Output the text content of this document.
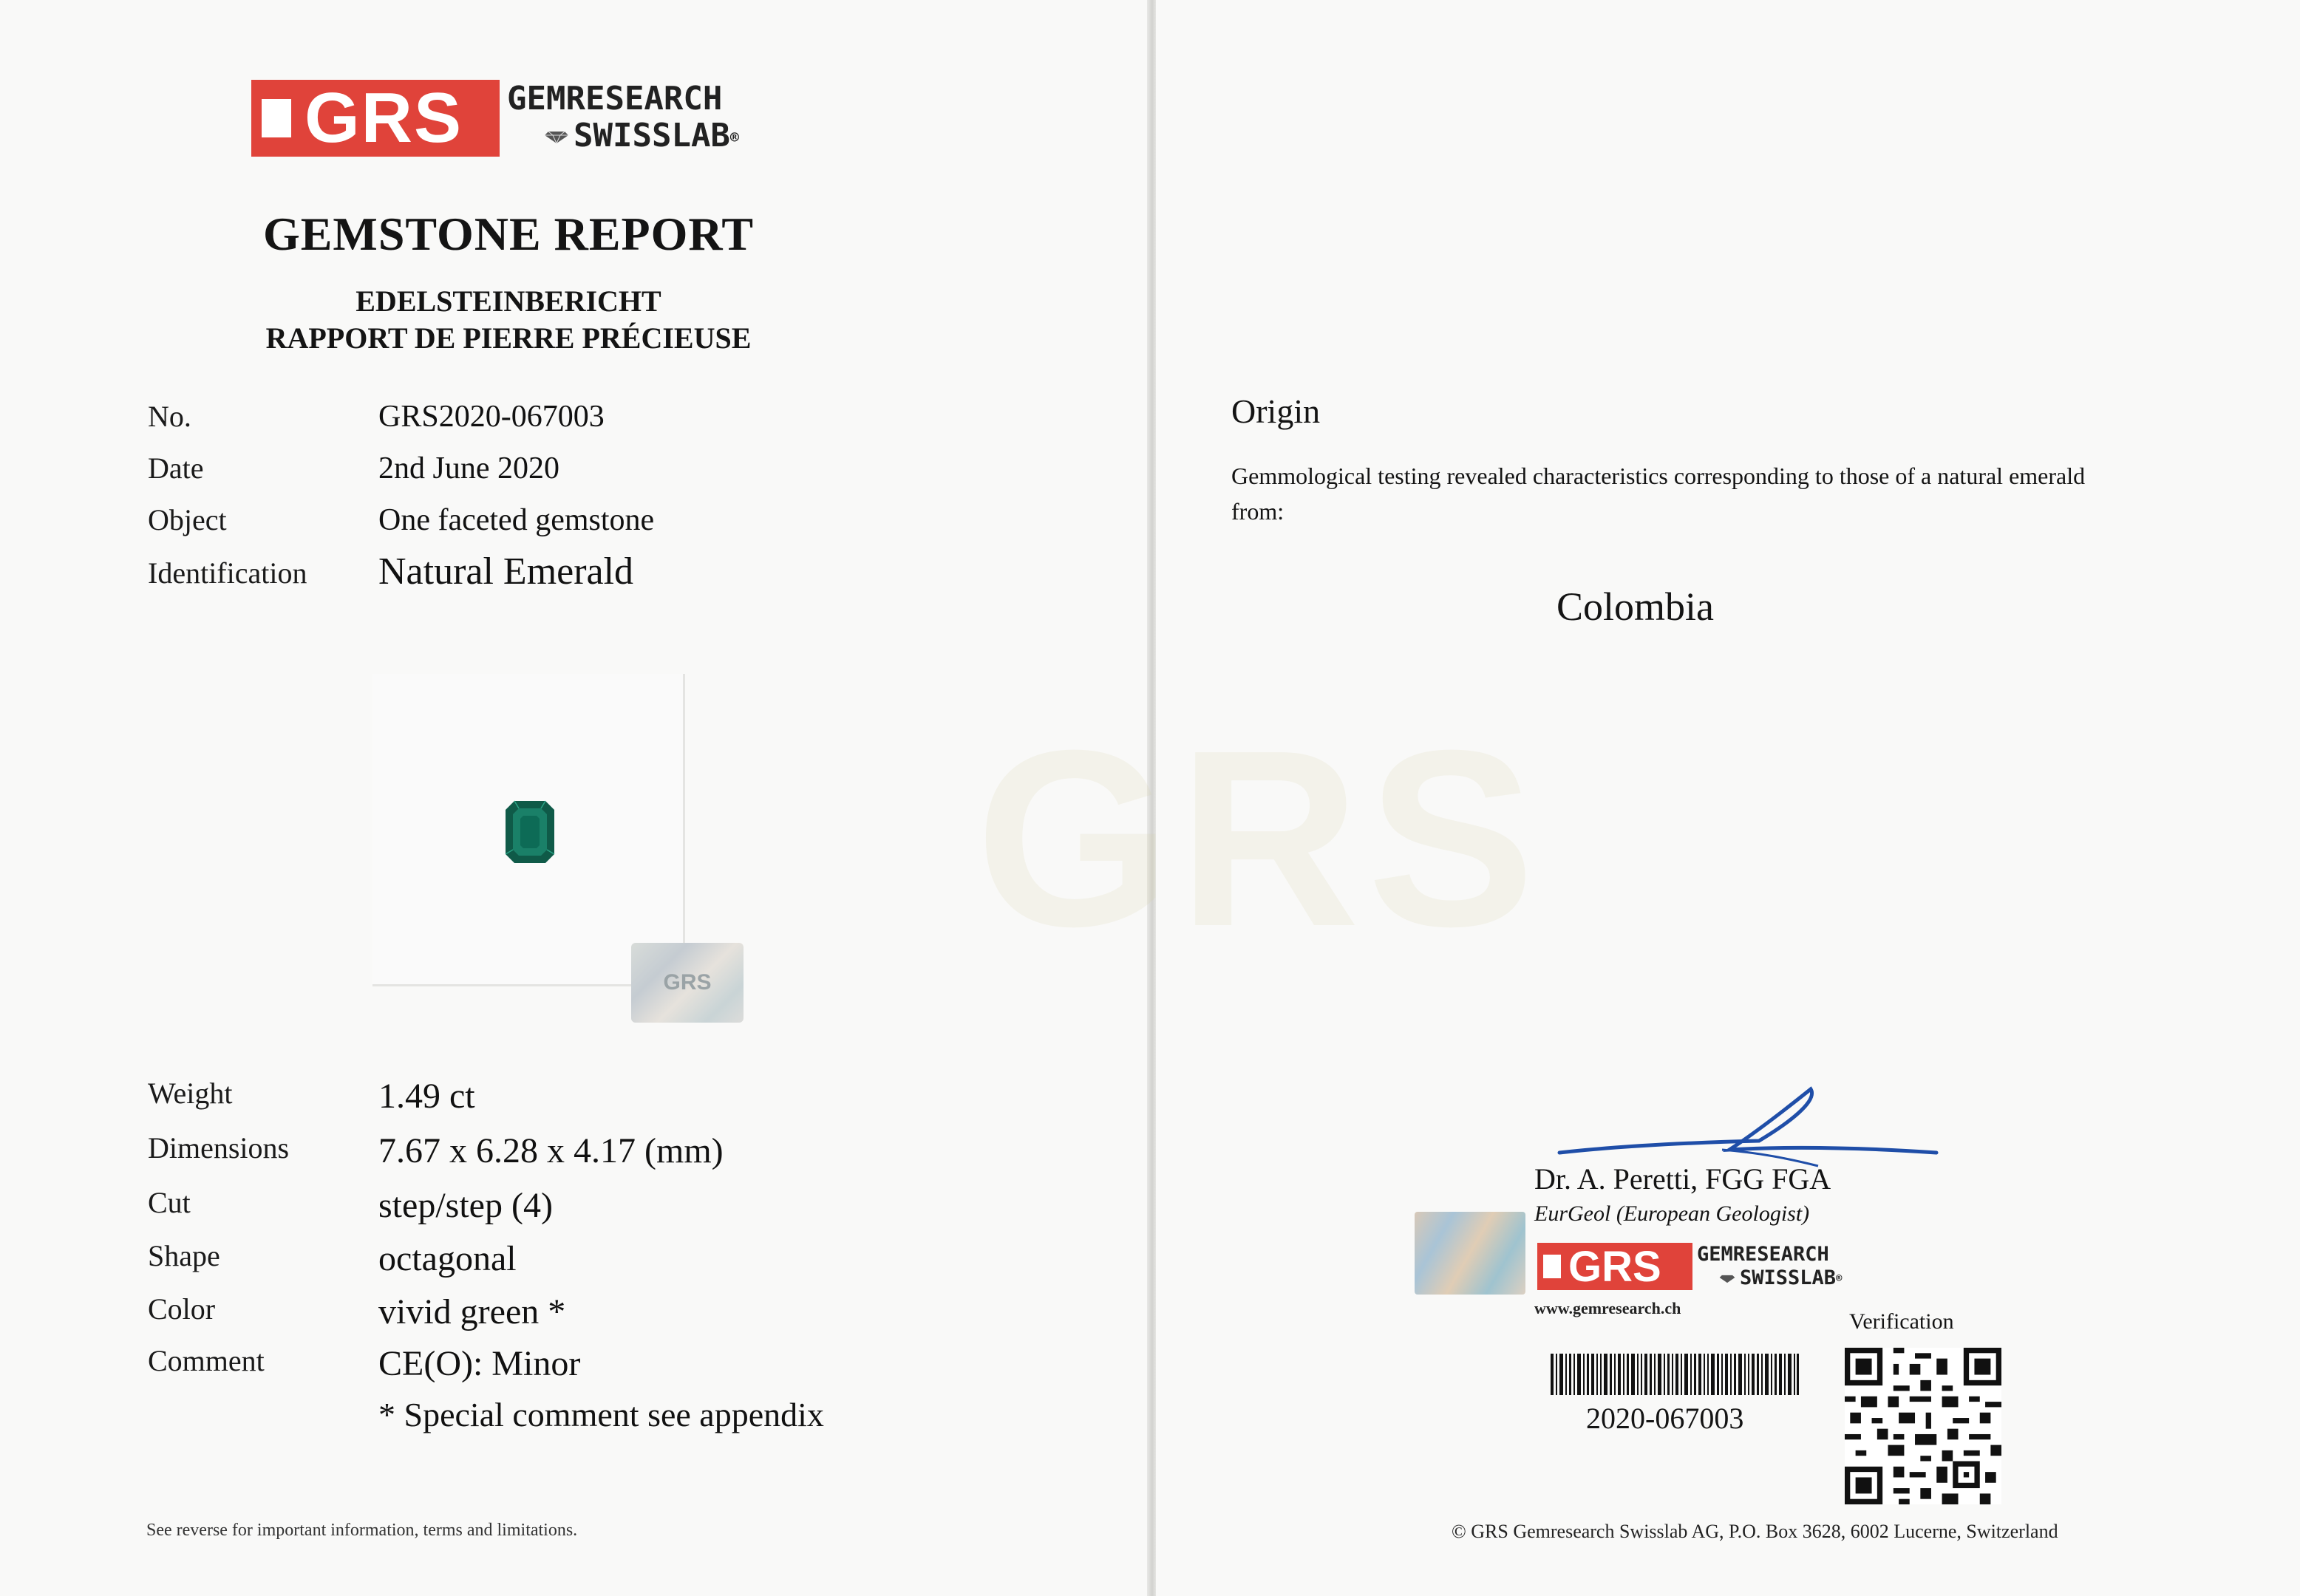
GRS GEMRESEARCH
SWISSLAB®
GEMSTONE REPORT
EDELSTEINBERICHT
RAPPORT DE PIERRE PRÉCIEUSE
No.	GRS2020-067003
Date	2nd June 2020
Object	One faceted gemstone
Identification Natural Emerald
GRS
Weight	1.49 ct
Dimensions	7.67 x 6.28 x 4.17 (mm)
Cut	step/step (4)
Shape	octagonal
Color	vivid green *
Comment	CE(O): Minor
* Special comment see appendix
See reverse for important information, terms and limitations.
GRS
Origin
Gemmological testing revealed characteristics corresponding to those of a natural emerald from:
Colombia
Dr. A. Peretti, FGG FGA
EurGeol (European Geologist)
GRS GEMRESEARCH
SWISSLAB®
www.gemresearch.ch
2020-067003
Verification
© GRS Gemresearch Swisslab AG, P.O. Box 3628, 6002 Lucerne, Switzerland
